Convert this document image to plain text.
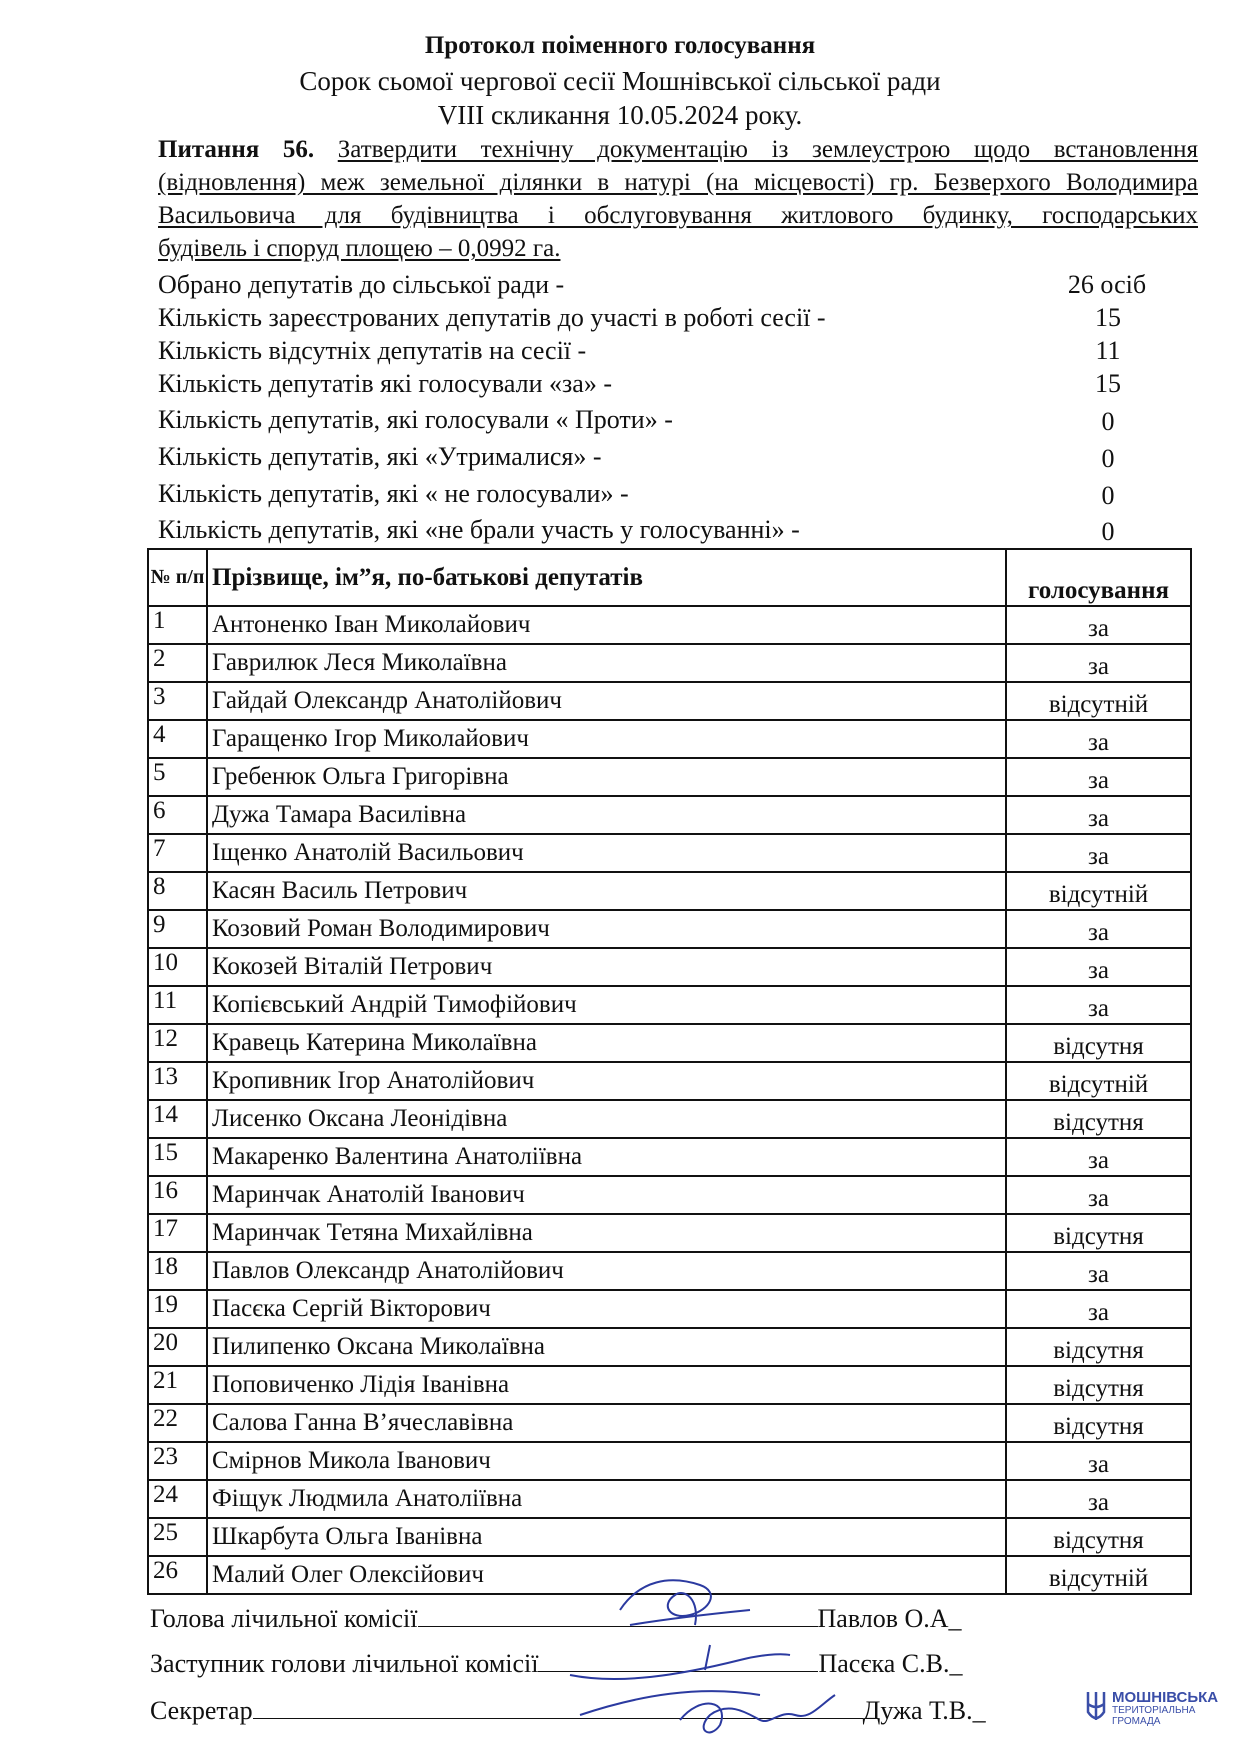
Протокол поіменного голосування
Сорок сьомої чергової сесії Мошнівської сільської ради
VIII скликання 10.05.2024 року.
Питання 56. Затвердити технічну документацію із землеустрою щодо встановлення
(відновлення) меж земельної ділянки в натурі (на місцевості) гр. Безверхого Володимира
Васильовича для будівництва і обслуговування житлового будинку, господарських
будівель і споруд площею – 0,0992 га.
Обрано депутатів до сільської ради -	26 осіб
Кількість зареєстрованих депутатів до участі в роботі сесії -	15
Кількість відсутніх депутатів на сесії -	11
Кількість депутатів які голосували «за» -	15
Кількість депутатів, які голосували « Проти» -	0
Кількість депутатів, які «Утрималися» -	0
Кількість депутатів, які « не голосували» -	0
Кількість депутатів, які «не брали участь у голосуванні» -	0
№ п/п	Прізвище, ім”я, по-батькові депутатів	голосування
1	Антоненко Іван Миколайович	за
2	Гаврилюк Леся Миколаївна	за
3	Гайдай Олександр Анатолійович	відсутній
4	Гаращенко Ігор Миколайович	за
5	Гребенюк Ольга Григорівна	за
6	Дужа Тамара Василівна	за
7	Іщенко Анатолій Васильович	за
8	Касян Василь Петрович	відсутній
9	Козовий Роман Володимирович	за
10	Кокозей Віталій Петрович	за
11	Копієвський Андрій Тимофійович	за
12	Кравець Катерина Миколаївна	відсутня
13	Кропивник Ігор Анатолійович	відсутній
14	Лисенко Оксана Леонідівна	відсутня
15	Макаренко Валентина Анатоліївна	за
16	Маринчак Анатолій Іванович	за
17	Маринчак Тетяна Михайлівна	відсутня
18	Павлов Олександр Анатолійович	за
19	Пасєка Сергій Вікторович	за
20	Пилипенко Оксана Миколаївна	відсутня
21	Поповиченко Лідія Іванівна	відсутня
22	Салова Ганна В’ячеславівна	відсутня
23	Смірнов Микола Іванович	за
24	Фіщук Людмила Анатоліївна	за
25	Шкарбута Ольга Іванівна	відсутня
26	Малий Олег Олексійович	відсутній
Голова лічильної комісії	Павлов О.А_
Заступник голови лічильної комісії	Пасєка С.В._
Секретар	Дужа Т.В._	МОШНІВСЬКА
ТЕРИТОРІАЛЬНА
ГРОМАДА
